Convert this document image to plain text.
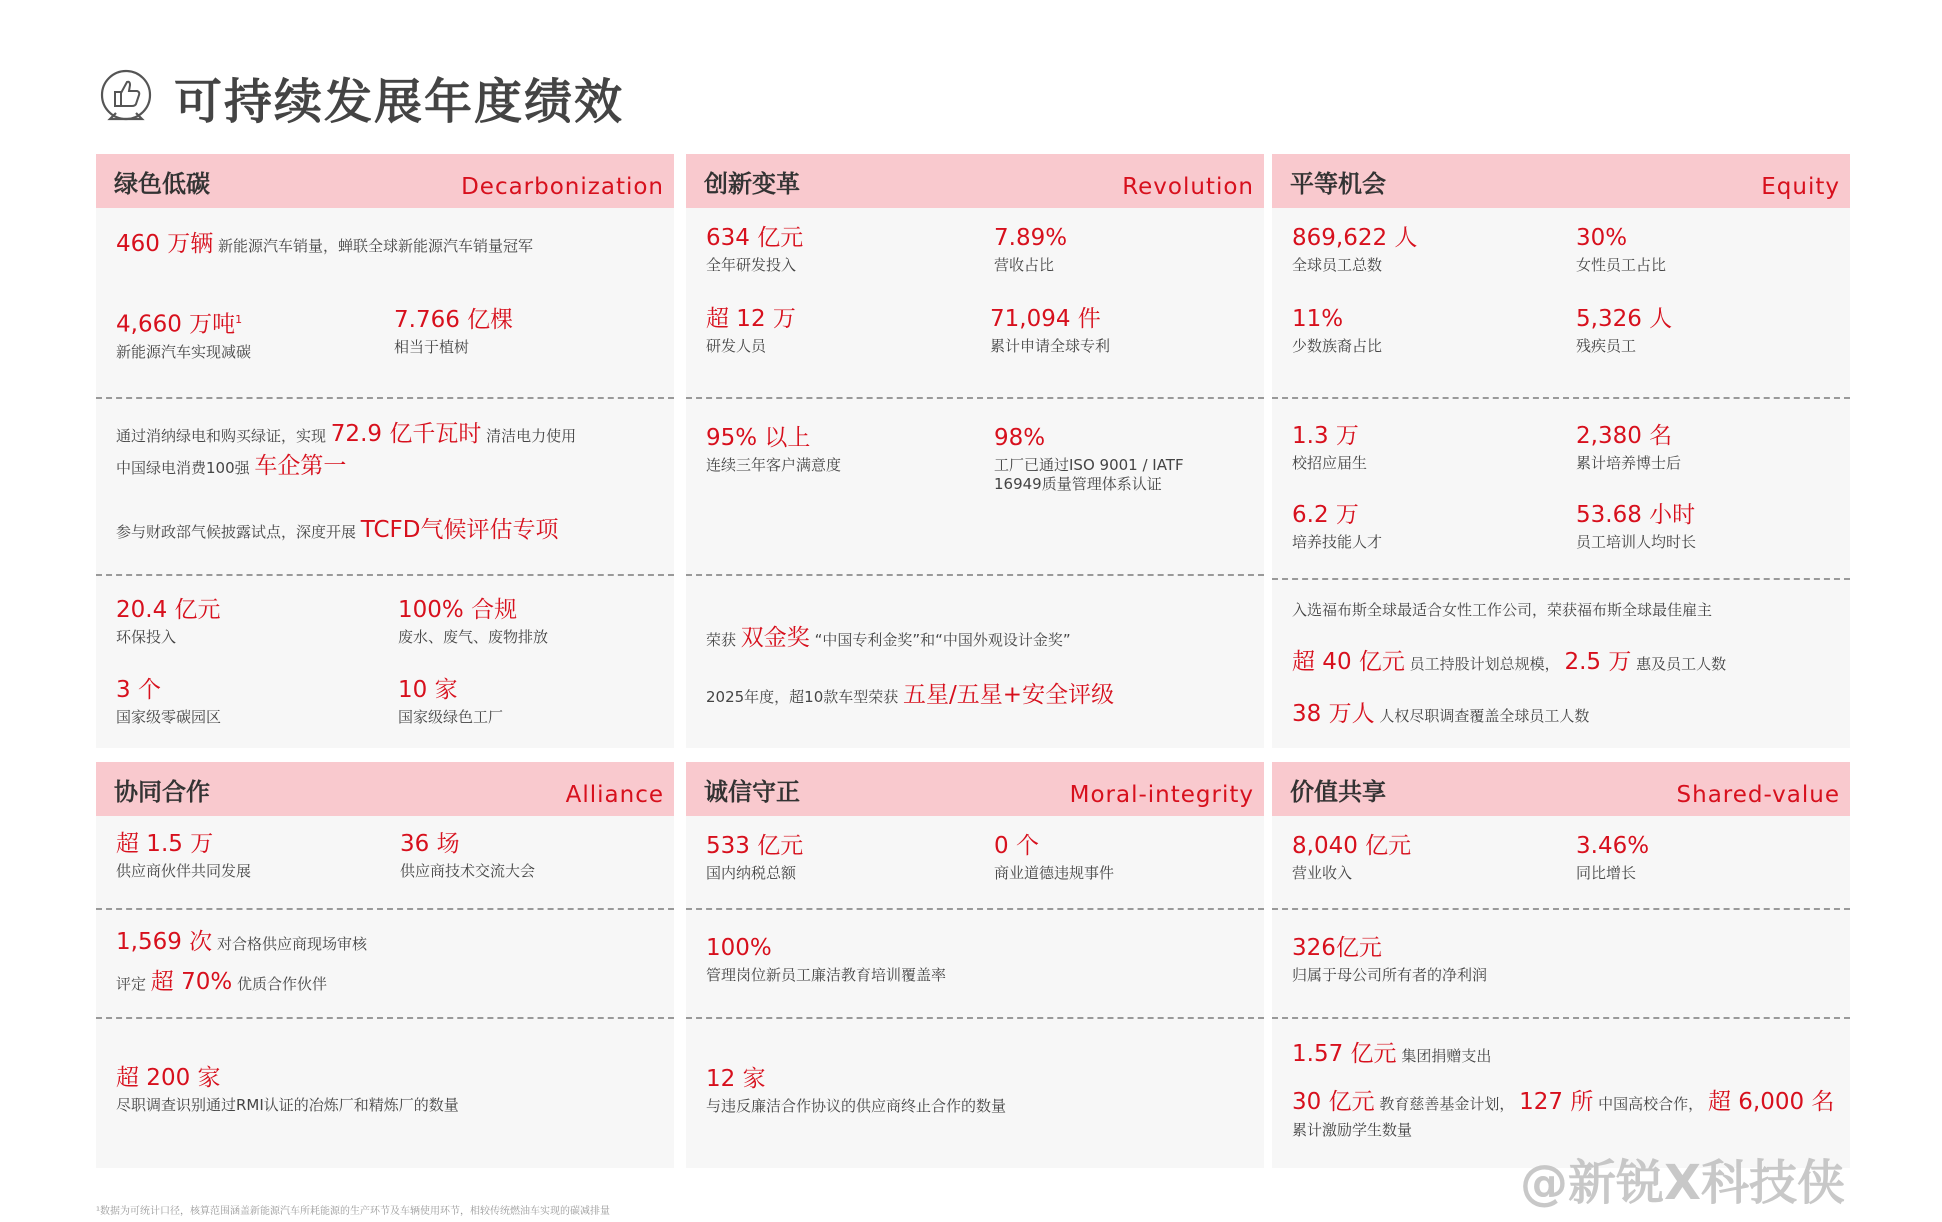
可持续发展年度绩效
绿色低碳	Decarbonization
460 万辆 新能源汽车销量，蝉联全球新能源汽车销量冠军
4,660 万吨$^1$
新能源汽车实现减碳
7.766 亿棵
相当于植树
通过消纳绿电和购买绿证，实现 72.9 亿千瓦时 清洁电力使用
中国绿电消费100强 车企第一
参与财政部气候披露试点，深度开展 TCFD气候评估专项
20.4 亿元
环保投入
100% 合规
废水、废气、废物排放
3 个
国家级零碳园区
10 家
国家级绿色工厂
创新变革	Revolution
634 亿元
全年研发投入
7.89%
营收占比
超 12 万
研发人员
71,094 件
累计申请全球专利
95% 以上
连续三年客户满意度
98%
工厂已通过ISO 9001 / IATF 16949质量管理体系认证
荣获 双金奖 “中国专利金奖”和“中国外观设计金奖”
2025年度，超10款车型荣获 五星/五星+安全评级
平等机会	Equity
869,622 人
全球员工总数
30%
女性员工占比
11%
少数族裔占比
5,326 人
残疾员工
1.3 万
校招应届生
2,380 名
累计培养博士后
6.2 万
培养技能人才
53.68 小时
员工培训人均时长
入选福布斯全球最适合女性工作公司，荣获福布斯全球最佳雇主
超 40 亿元 员工持股计划总规模， 2.5 万 惠及员工人数
38 万人 人权尽职调查覆盖全球员工人数
协同合作	Alliance
超 1.5 万
供应商伙伴共同发展
36 场
供应商技术交流大会
1,569 次 对合格供应商现场审核
评定 超 70% 优质合作伙伴
超 200 家
尽职调查识别通过RMI认证的冶炼厂和精炼厂的数量
诚信守正	Moral-integrity
533 亿元
国内纳税总额
0 个
商业道德违规事件
100%
管理岗位新员工廉洁教育培训覆盖率
12 家
与违反廉洁合作协议的供应商终止合作的数量
价值共享	Shared-value
8,040 亿元
营业收入
3.46%
同比增长
326亿元
归属于母公司所有者的净利润
1.57 亿元 集团捐赠支出
30 亿元 教育慈善基金计划， 127 所 中国高校合作， 超 6,000 名
累计激励学生数量
¹数据为可统计口径，核算范围涵盖新能源汽车所耗能源的生产环节及车辆使用环节，相较传统燃油车实现的碳减排量
@新锐X科技侠
